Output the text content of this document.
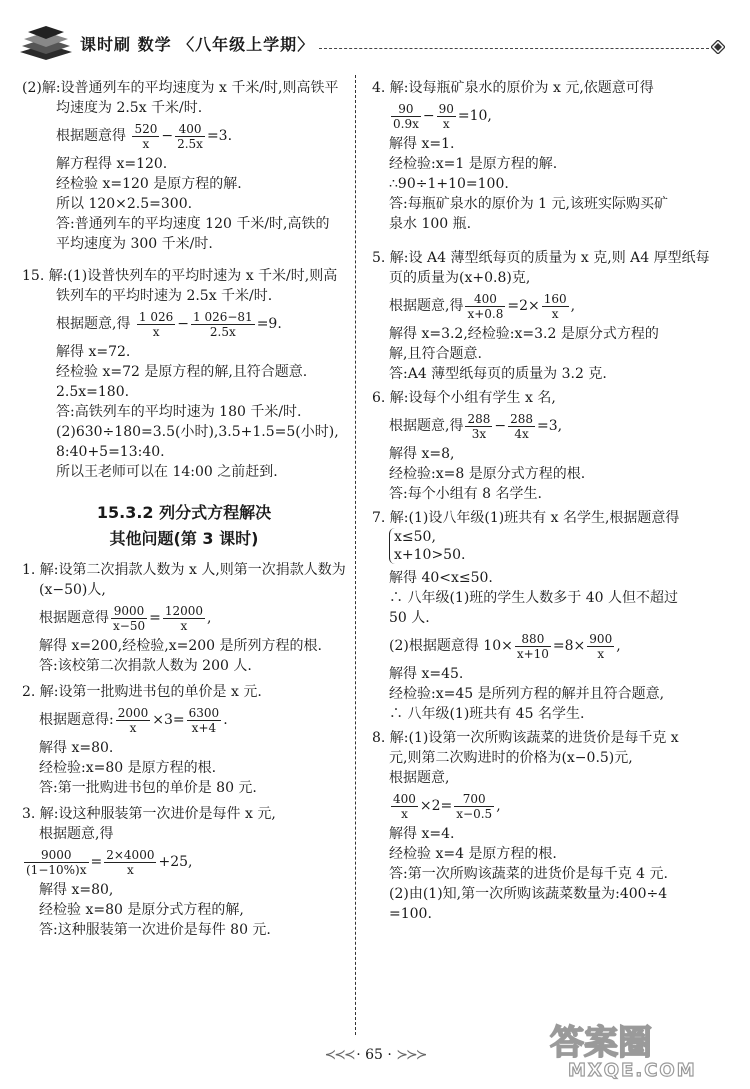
课时刷 数学 〈八年级上学期〉
(2)解:设普通列车的平均速度为 x 千米/时,则高铁平
均速度为 2.5x 千米/时.
根据题意得 $\frac{520}{x} - \frac{400}{2.5x} =3$.
解方程得 x=120.
经检验 x=120 是原方程的解.
所以 120×2.5=300.
答:普通列车的平均速度 120 千米/时,高铁的
平均速度为 300 千米/时.
15. 解:(1)设普快列车的平均时速为 x 千米/时,则高
铁列车的平均时速为 2.5x 千米/时.
根据题意,得 $\frac{1 026}{x} - \frac{1 026-81}{2.5x} =9$.
解得 x=72.
经检验 x=72 是原方程的解,且符合题意.
2.5x=180.
答:高铁列车的平均时速为 180 千米/时.
(2)630÷180=3.5(小时),3.5+1.5=5(小时),
8:40+5=13:40.
所以王老师可以在 14:00 之前赶到.
15.3.2 列分式方程解决
其他问题(第 3 课时)
1. 解:设第二次捐款人数为 x 人,则第一次捐款人数为
(x−50)人,
根据题意得 $\frac{9000}{x-50} = \frac{12000}{x}$ ,
解得 x=200,经检验,x=200 是所列方程的根.
答:该校第二次捐款人数为 200 人.
2. 解:设第一批购进书包的单价是 x 元.
根据题意得: $\frac{2000}{x} \times 3= \frac{6300}{x+4}$ .
解得 x=80.
经检验:x=80 是原方程的根.
答:第一批购进书包的单价是 80 元.
3. 解:设这种服装第一次进价是每件 x 元,
根据题意,得
$\frac{9000}{(1-10\%)x} = \frac{2\times 4000}{x} +25$,
解得 x=80,
经检验 x=80 是原分式方程的解,
答:这种服装第一次进价是每件 80 元.
4. 解:设每瓶矿泉水的原价为 x 元,依题意可得
$\frac{90}{0.9x} - \frac{90}{x} =10$,
解得 x=1.
经检验:x=1 是原方程的解.
∴90÷1+10=100.
答:每瓶矿泉水的原价为 1 元,该班实际购买矿
泉水 100 瓶.
5. 解:设 A4 薄型纸每页的质量为 x 克,则 A4 厚型纸每
页的质量为(x+0.8)克,
根据题意,得 $\frac{400}{x+0.8} =2\times \frac{160}{x}$ ,
解得 x=3.2,经检验:x=3.2 是原分式方程的
解,且符合题意.
答:A4 薄型纸每页的质量为 3.2 克.
6. 解:设每个小组有学生 x 名,
根据题意,得 $\frac{288}{3x} - \frac{288}{4x} =3$,
解得 x=8,
经检验:x=8 是原分式方程的根.
答:每个小组有 8 名学生.
7. 解:(1)设八年级(1)班共有 x 名学生,根据题意得
x≤50,
x+10>50.
解得 40<x≤50.
∴ 八年级(1)班的学生人数多于 40 人但不超过
50 人.
(2)根据题意得 $10\times \frac{880}{x+10} =8\times \frac{900}{x}$ ,
解得 x=45.
经检验:x=45 是所列方程的解并且符合题意,
∴ 八年级(1)班共有 45 名学生.
8. 解:(1)设第一次所购该蔬菜的进货价是每千克 x
元,则第二次购进时的价格为(x−0.5)元,
根据题意,
$\frac{400}{x} \times 2= \frac{700}{x-0.5}$ ,
解得 x=4.
经检验 x=4 是原方程的根.
答:第一次所购该蔬菜的进货价是每千克 4 元.
(2)由(1)知,第一次所购该蔬菜数量为:400÷4
=100.
≺≺≺ · 65 · ≻≻≻	答案圈
MXQE.COM
